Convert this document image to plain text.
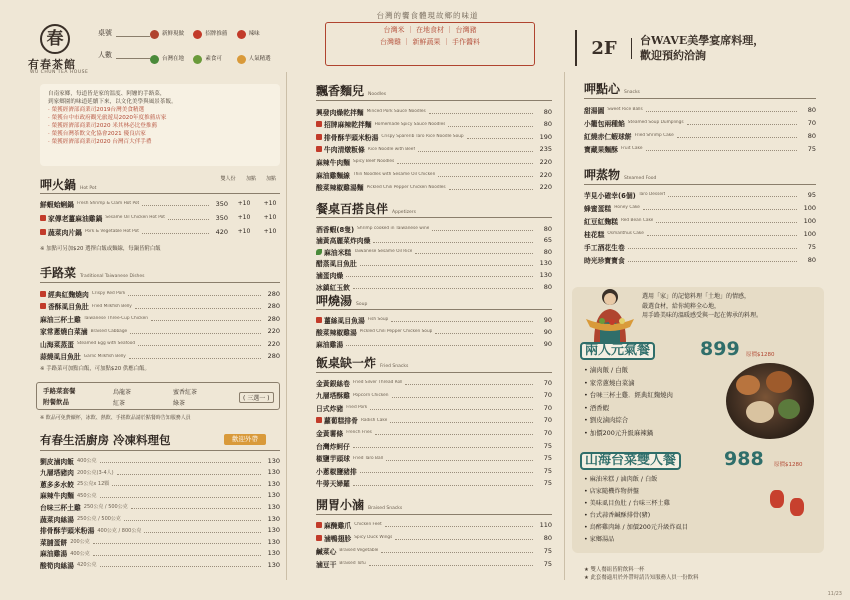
春
有春茶館
WU CHUN TEA HOUSE
桌號
人數
新鮮現做	招牌推薦	辣味
台灣在地	素食可	人氣精選
台灣的饗食體現故鄉的味道
台灣米 ｜ 在地食材 ｜ 台灣豬
台灣雞 ｜ 新鮮蔬果 ｜ 手作醬料	2F	台WAVE美學宴席料理，
歡迎預約洽詢
自南家鄉，每道皆是家的溫度、阿嬤的手路菜，
到家鄉園的味道延續下來，以文化美學與風景茶飯。
‧ 榮獲經濟部商業司2019台灣美食精選
‧ 榮獲台中市政府觀光旅遊局2020年度推薦店家
‧ 榮獲經濟部商業司2020 米其林必比登推薦
‧ 榮獲台灣茶飲文化協會2021 優良店家
‧ 榮獲經濟部商業司2020 台灣百大伴手禮
呷火鍋 Hot Pot
雙人份	加點	加點
鮮蝦蛤蜊鍋 Fresh Shrimp & Clam Hot Pot	350	+10	+10
家傳老薑麻油雞鍋 Sesame Oil Chicken Hot Pot	350	+10	+10
蔬菜肉片鍋 Pork & Vegetable Hot Pot	420	+10	+10
※ 加點可另加$20 選擇白飯或麵線，每鍋皆附白飯
手路菜 Traditional Taiwanese Dishes
經典紅麴燒肉 Crispy Red Pork	280
香酥虱目魚肚 Fried Milkfish Belly	280
麻油三杯土雞 Taiwanese Three-Cup Chicken	280
家常蔥燒白菜滷 Braised Cabbage	220
山海菜蒸蛋 Steamed Egg with Seafood	220
蒜燒虱目魚肚 Garlic Milkfish Belly	280
※ 手路菜可加點白飯，可加點$20 供應白飯。
手路菜套餐
附餐飲品
烏龍茶
紅茶
蜜香紅茶
綠茶
( 三選一 )
※ 飲品可免費續杯，冰飲、熱飲、手搖飲品請於點餐時告知服務人員
有春生活廚房 冷凍料理包	歡迎外帶
劉皮滷肉飯 400公克	130
九層塔豬肉 200公克(3-4人)	130
蔥多多水餃 25公克x 12顆	130
麻辣牛肉麵 450公克	130
台味三杯土雞 250公克 / 500公克	130
蔬菜肉絲湯 250公克 / 500公克	130
排骨酥芋頭米粉湯 400公克 / 800公克	130
菜脯蛋餅 200公克	130
麻油雞湯 400公克	130
酸筍肉絲湯 420公克	130
飄香麵兒 Noodles
興發肉燥乾拌麵 Minced Pork Sauce Noodles	80
招牌麻辣乾拌麵 Homemade Spicy Sauce Noodles	80
排骨酥芋頭米粉湯 Crispy Sparerib Taro Rice Noodle Soup	190
牛肉清燉粄條 Rice Noodle with Beef	235
麻辣牛肉麵 Spicy Beef Noodles	220
麻油雞麵線 Thin Noodles with Sesame Oil Chicken	220
酸菜辣椒雞湯麵 Pickled Chili Pepper Chicken Noodles	220
餐桌百搭良伴 Appetizers
酒香蝦(8隻) Shrimp cooked in Taiwanese wine	80
滷黃高麗菜炸肉燥	65
麻油米糕 Taiwanese Sesame Oil Rice	80
醋蒸虱目魚肚	130
滷蛋肉燥	130
冰鎮紅玉飲	80
呷燒湯 Soup
薑絲虱目魚湯 Fish Soup	90
酸菜辣椒雞湯 Pickled Chili Pepper Chicken Soup	90
麻油雞湯	90
飯桌缺一炸 Fried Snacks
金黃銀絲卷 Fried Silver Thread Roll	70
九層塔酥雞 Popcorn Chicken	70
日式炸豬 Fried Pork	70
蘿蔔糕排骨 Radish Cake	70
金黃薯條 French Fries	70
台灣炸蚵仔	75
椒鹽芋頭球 Fried Taro Ball	75
小蔥椒鹽豬排	75
牛蒡天婦羅	75
開胃小滷 Braised Snacks
麻醃雞爪 Chicken Feet	110
滷鴨翅胗 Spicy Duck Wings	80
鹹菜心 Braised Vegetable	75
滷豆干 Braised Tofu	75
呷點心 Snacks
甜湯圓 Sweet Rice Balls	80
小籠包兩種餡 Steamed Soup Dumplings	70
紅燒赤仁蝦球餅 Fried Shrimp Cake	80
寶藏果麵酥 Fruit Cake	75
呷蒸物 Steamed Food
芋見小確幸(6個) Taro Dessert	95
蜂蜜蛋糕 Honey Cake	100
紅豆紅麴糕 Red Bean Cake	100
桂花糕 Osmanthus Cake	100
手工酒花生卷	75
時光珍寶寶食	80
選用「家」的記憶料理「土地」的情感，
嚴選食材，給你純粹全心地，
用手路美味的溫暖感受與一起在傳承的料理。
兩人元氣餐	899 原價$1280
• 滷肉飯 / 白飯
• 家常蔥燒白菜滷
• 台味三杯土雞．經典紅麴燒肉
• 酒香蝦
• 劉皮滷肉綜合
• 加價200元升級麻辣鍋
山海台菜雙人餐	988 原價$1280
• 麻油米糕 / 滷肉飯 / 白飯
• 店家隨機炸物拼盤
• 美味虱目魚肚 / 台味三杯土雞
• 台式蒜香鹹酥排骨(豬)
• 鳥醉雞肉絲 / 加價200元升級炸虱目
• 家鄉湯品
★ 雙人餐組皆附飲料一杯
★ 此套餐適用於外帶時請告知服務人員一份飲料
11/23
